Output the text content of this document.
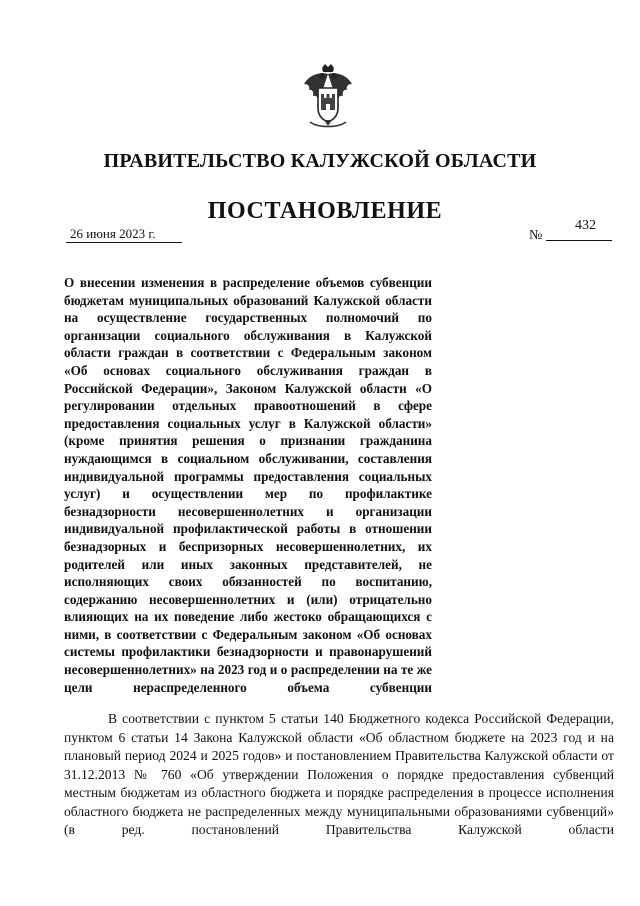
ПРАВИТЕЛЬСТВО КАЛУЖСКОЙ ОБЛАСТИ
ПОСТАНОВЛЕНИЕ
26 июня 2023 г.	№
432
О внесении изменения в распределение объемов субвенции бюджетам муниципальных образований Калужской области на осуществление государственных полномочий по организации социального обслуживания в Калужской области граждан в соответствии с Федеральным законом «Об основах социального обслуживания граждан в Российской Федерации», Законом Калужской области «О регулировании отдельных правоотношений в сфере предоставления социальных услуг в Калужской области» (кроме принятия решения о признании гражданина нуждающимся в социальном обслуживании, составления индивидуальной программы предоставления социальных услуг) и осуществлении мер по профилактике безнадзорности несовершеннолетних и организации индивидуальной профилактической работы в отношении безнадзорных и беспризорных несовершеннолетних, их родителей или иных законных представителей, не исполняющих своих обязанностей по воспитанию, содержанию несовершеннолетних и (или) отрицательно влияющих на их поведение либо жестоко обращающихся с ними, в соответствии с Федеральным законом «Об основах системы профилактики безнадзорности и правонарушений несовершеннолетних» на 2023 год и о распределении на те же цели нераспределенного объема субвенции
В соответствии с пунктом 5 статьи 140 Бюджетного кодекса Российской Федерации, пунктом 6 статьи 14 Закона Калужской области «Об областном бюджете на 2023 год и на плановый период 2024 и 2025 годов» и постановлением Правительства Калужской области от 31.12.2013 № 760 «Об утверждении Положения о порядке предоставления субвенций местным бюджетам из областного бюджета и порядке распределения в процессе исполнения областного бюджета не распределенных между муниципальными образованиями субвенций» (в ред. постановлений Правительства Калужской области
